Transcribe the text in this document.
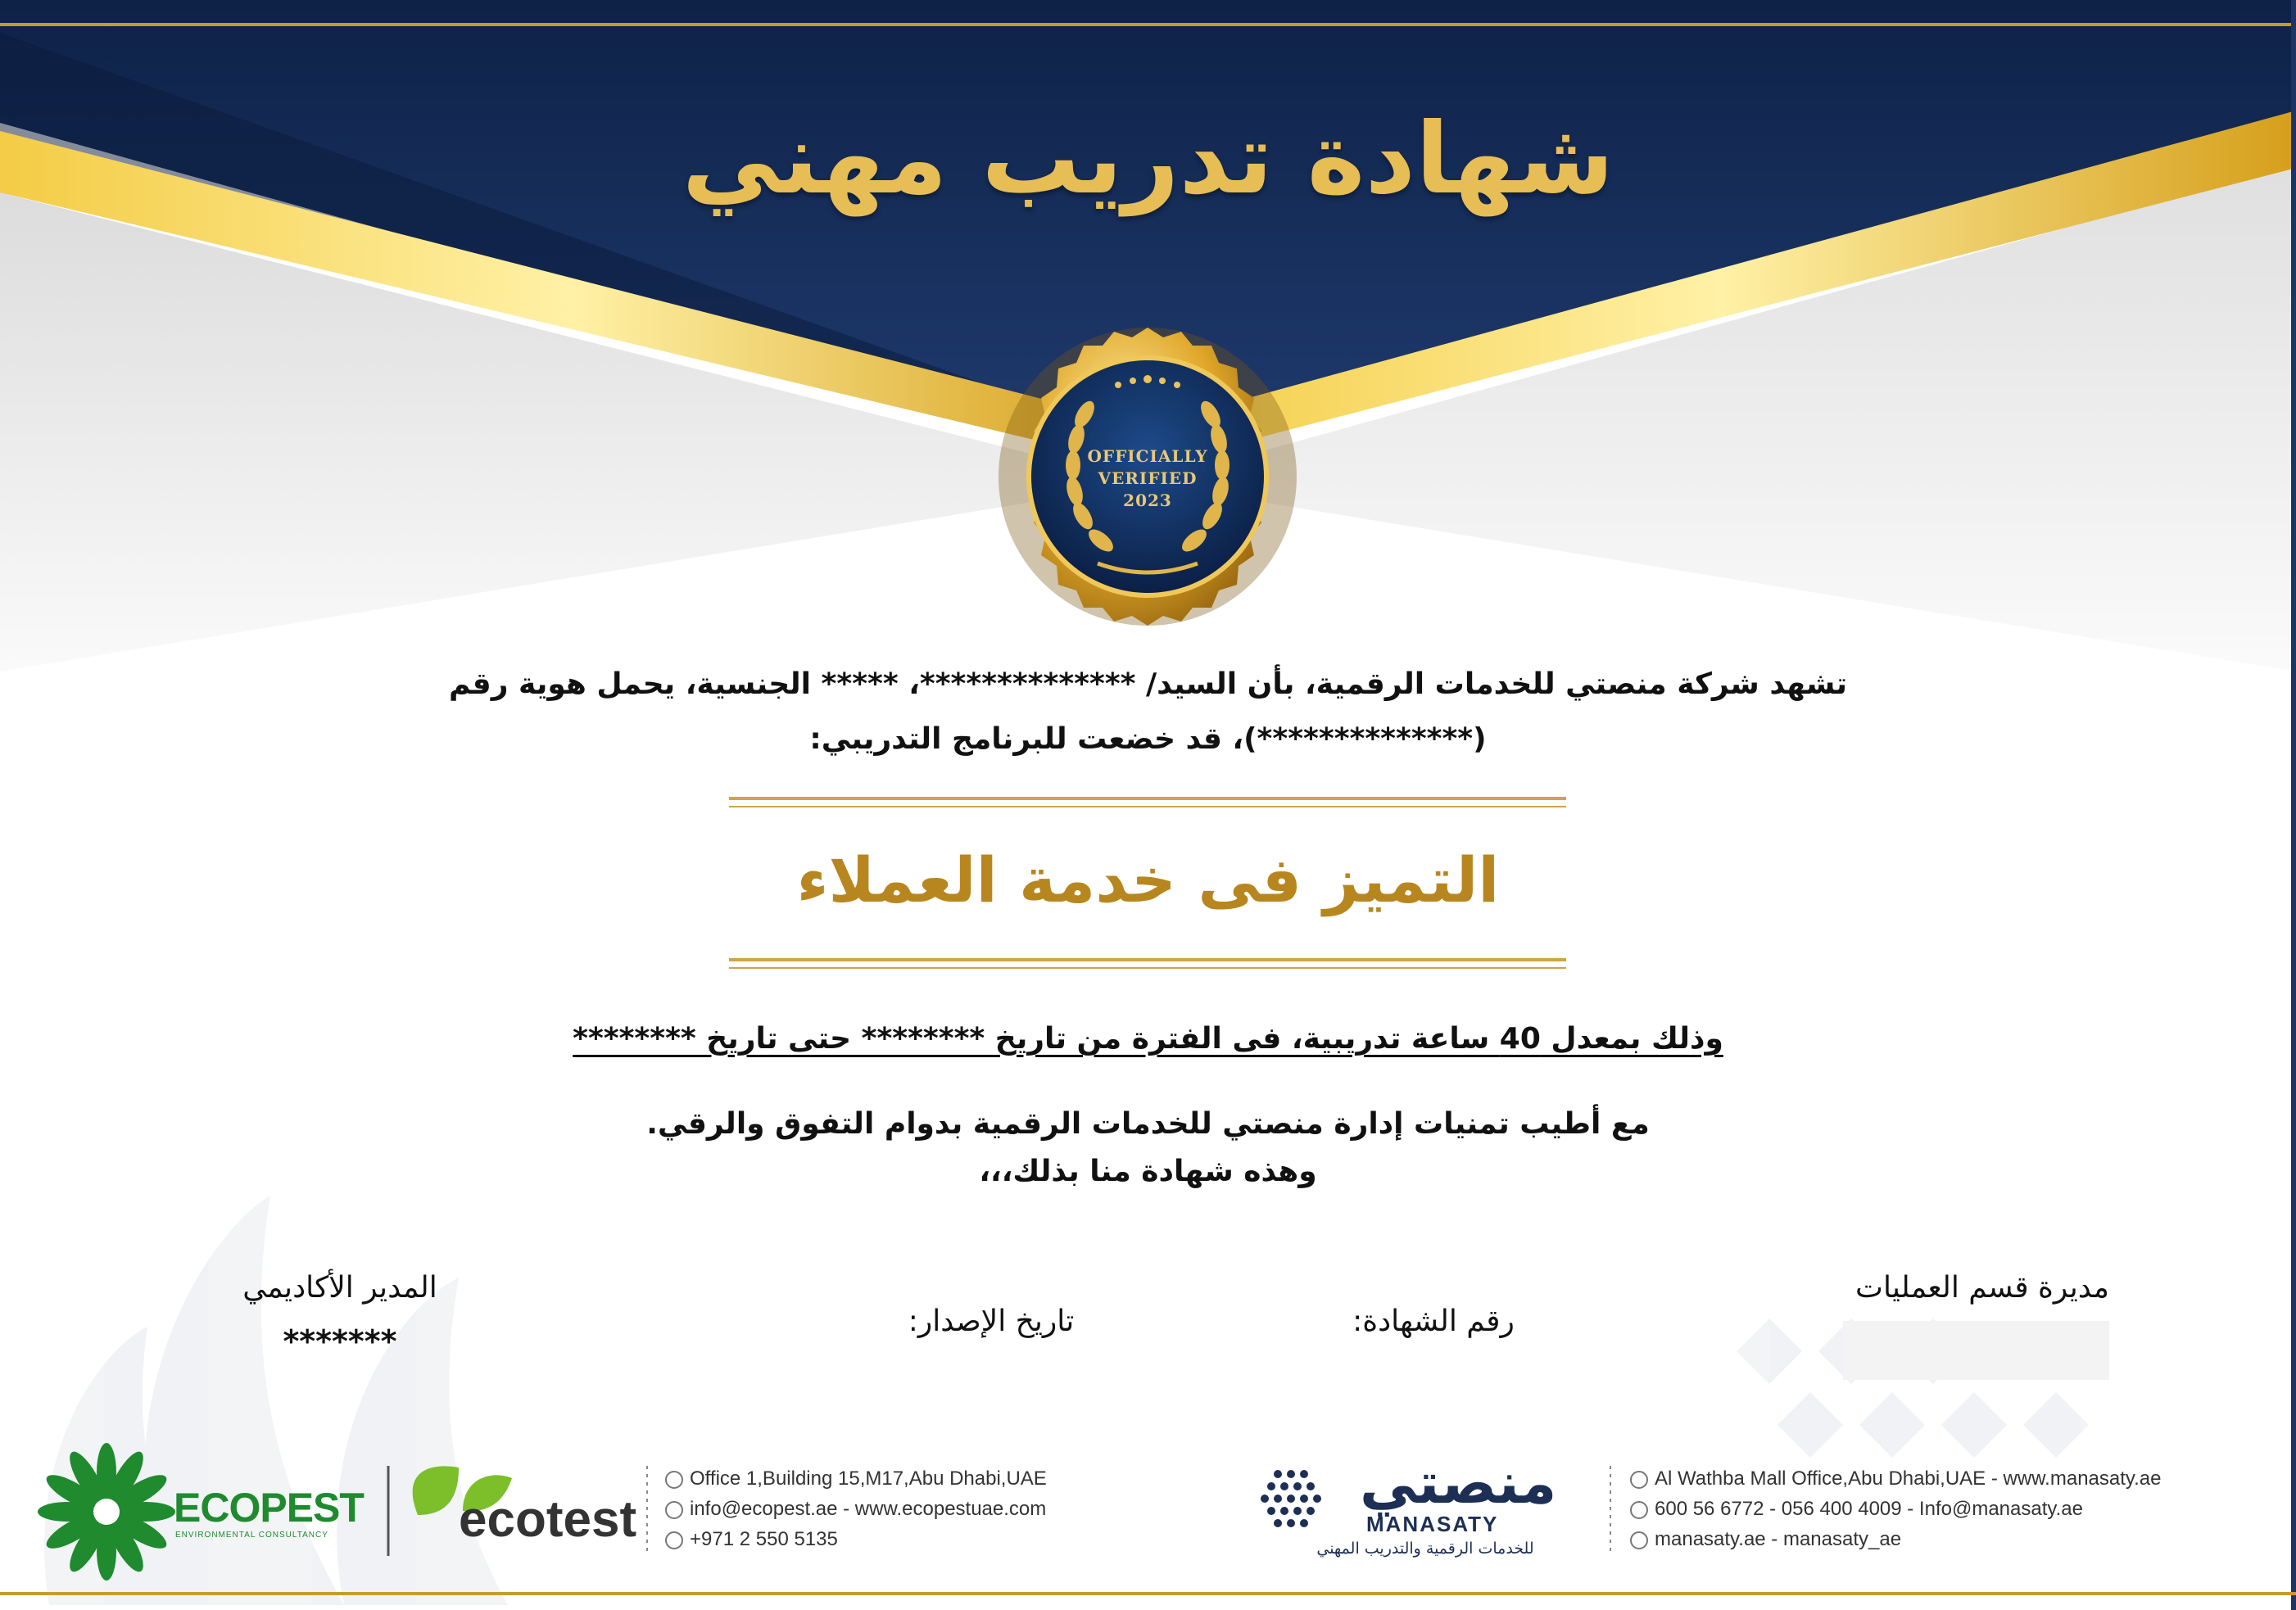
شهادة تدريب مهني
OFFICIALLY
VERIFIED
2023
تشهد شركة منصتي للخدمات الرقمية، بأن السيد/ **************، ***** الجنسية، يحمل هوية رقم
(**************)، قد خضعت للبرنامج التدريبي:
التميز فى خدمة العملاء
وذلك بمعدل 40 ساعة تدريبية، فى الفترة من تاريخ ******** حتى تاريخ ********
مع أطيب تمنيات إدارة منصتي للخدمات الرقمية بدوام التفوق والرقي.
وهذه شهادة منا بذلك،،،
مديرة قسم العمليات
رقم الشهادة:
تاريخ الإصدار:
المدير الأكاديمي
*******
ECOPEST
ENVIRONMENTAL CONSULTANCY	ecotest
Office 1,Building 15,M17,Abu Dhabi,UAE
info@ecopest.ae - www.ecopestuae.com
+971 2 550 5135
منصتي
MANASATY
للخدمات الرقمية والتدريب المهني
Al Wathba Mall Office,Abu Dhabi,UAE - www.manasaty.ae
600 56 6772 - 056 400 4009 - Info@manasaty.ae
manasaty.ae - manasaty_ae
